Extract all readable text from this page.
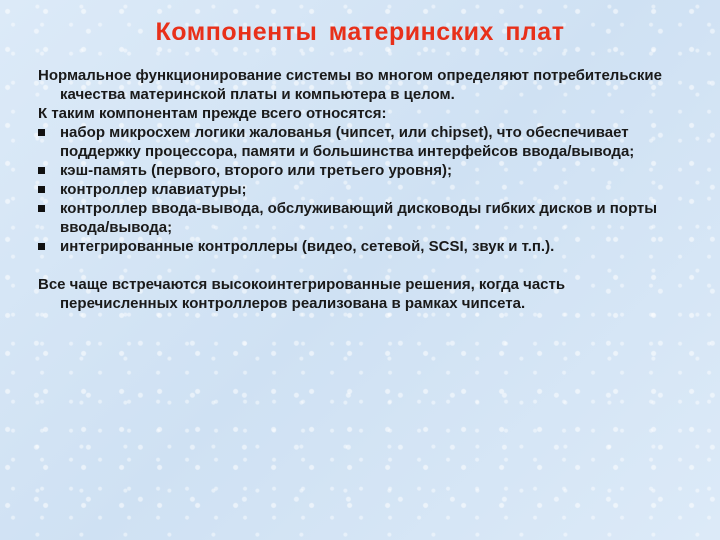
Компоненты материнских плат

Нормальное функционирование системы во многом определяют потребительские качества материнской платы и компьютера в целом.

К таким компонентам прежде всего относятся:

набор микросхем логики жалованья (чипсет, или chipset), что обеспечивает поддержку процессора, памяти и большинства интерфейсов ввода/вывода;
кэш-память (первого, второго или третьего уровня);
контроллер клавиатуры;
контроллер ввода-вывода, обслуживающий дисководы гибких дисков и порты ввода/вывода;
интегрированные контроллеры (видео, сетевой, SCSI, звук и т.п.).

Все чаще встречаются высокоинтегрированные решения, когда часть перечисленных контроллеров реализована в рамках чипсета.
